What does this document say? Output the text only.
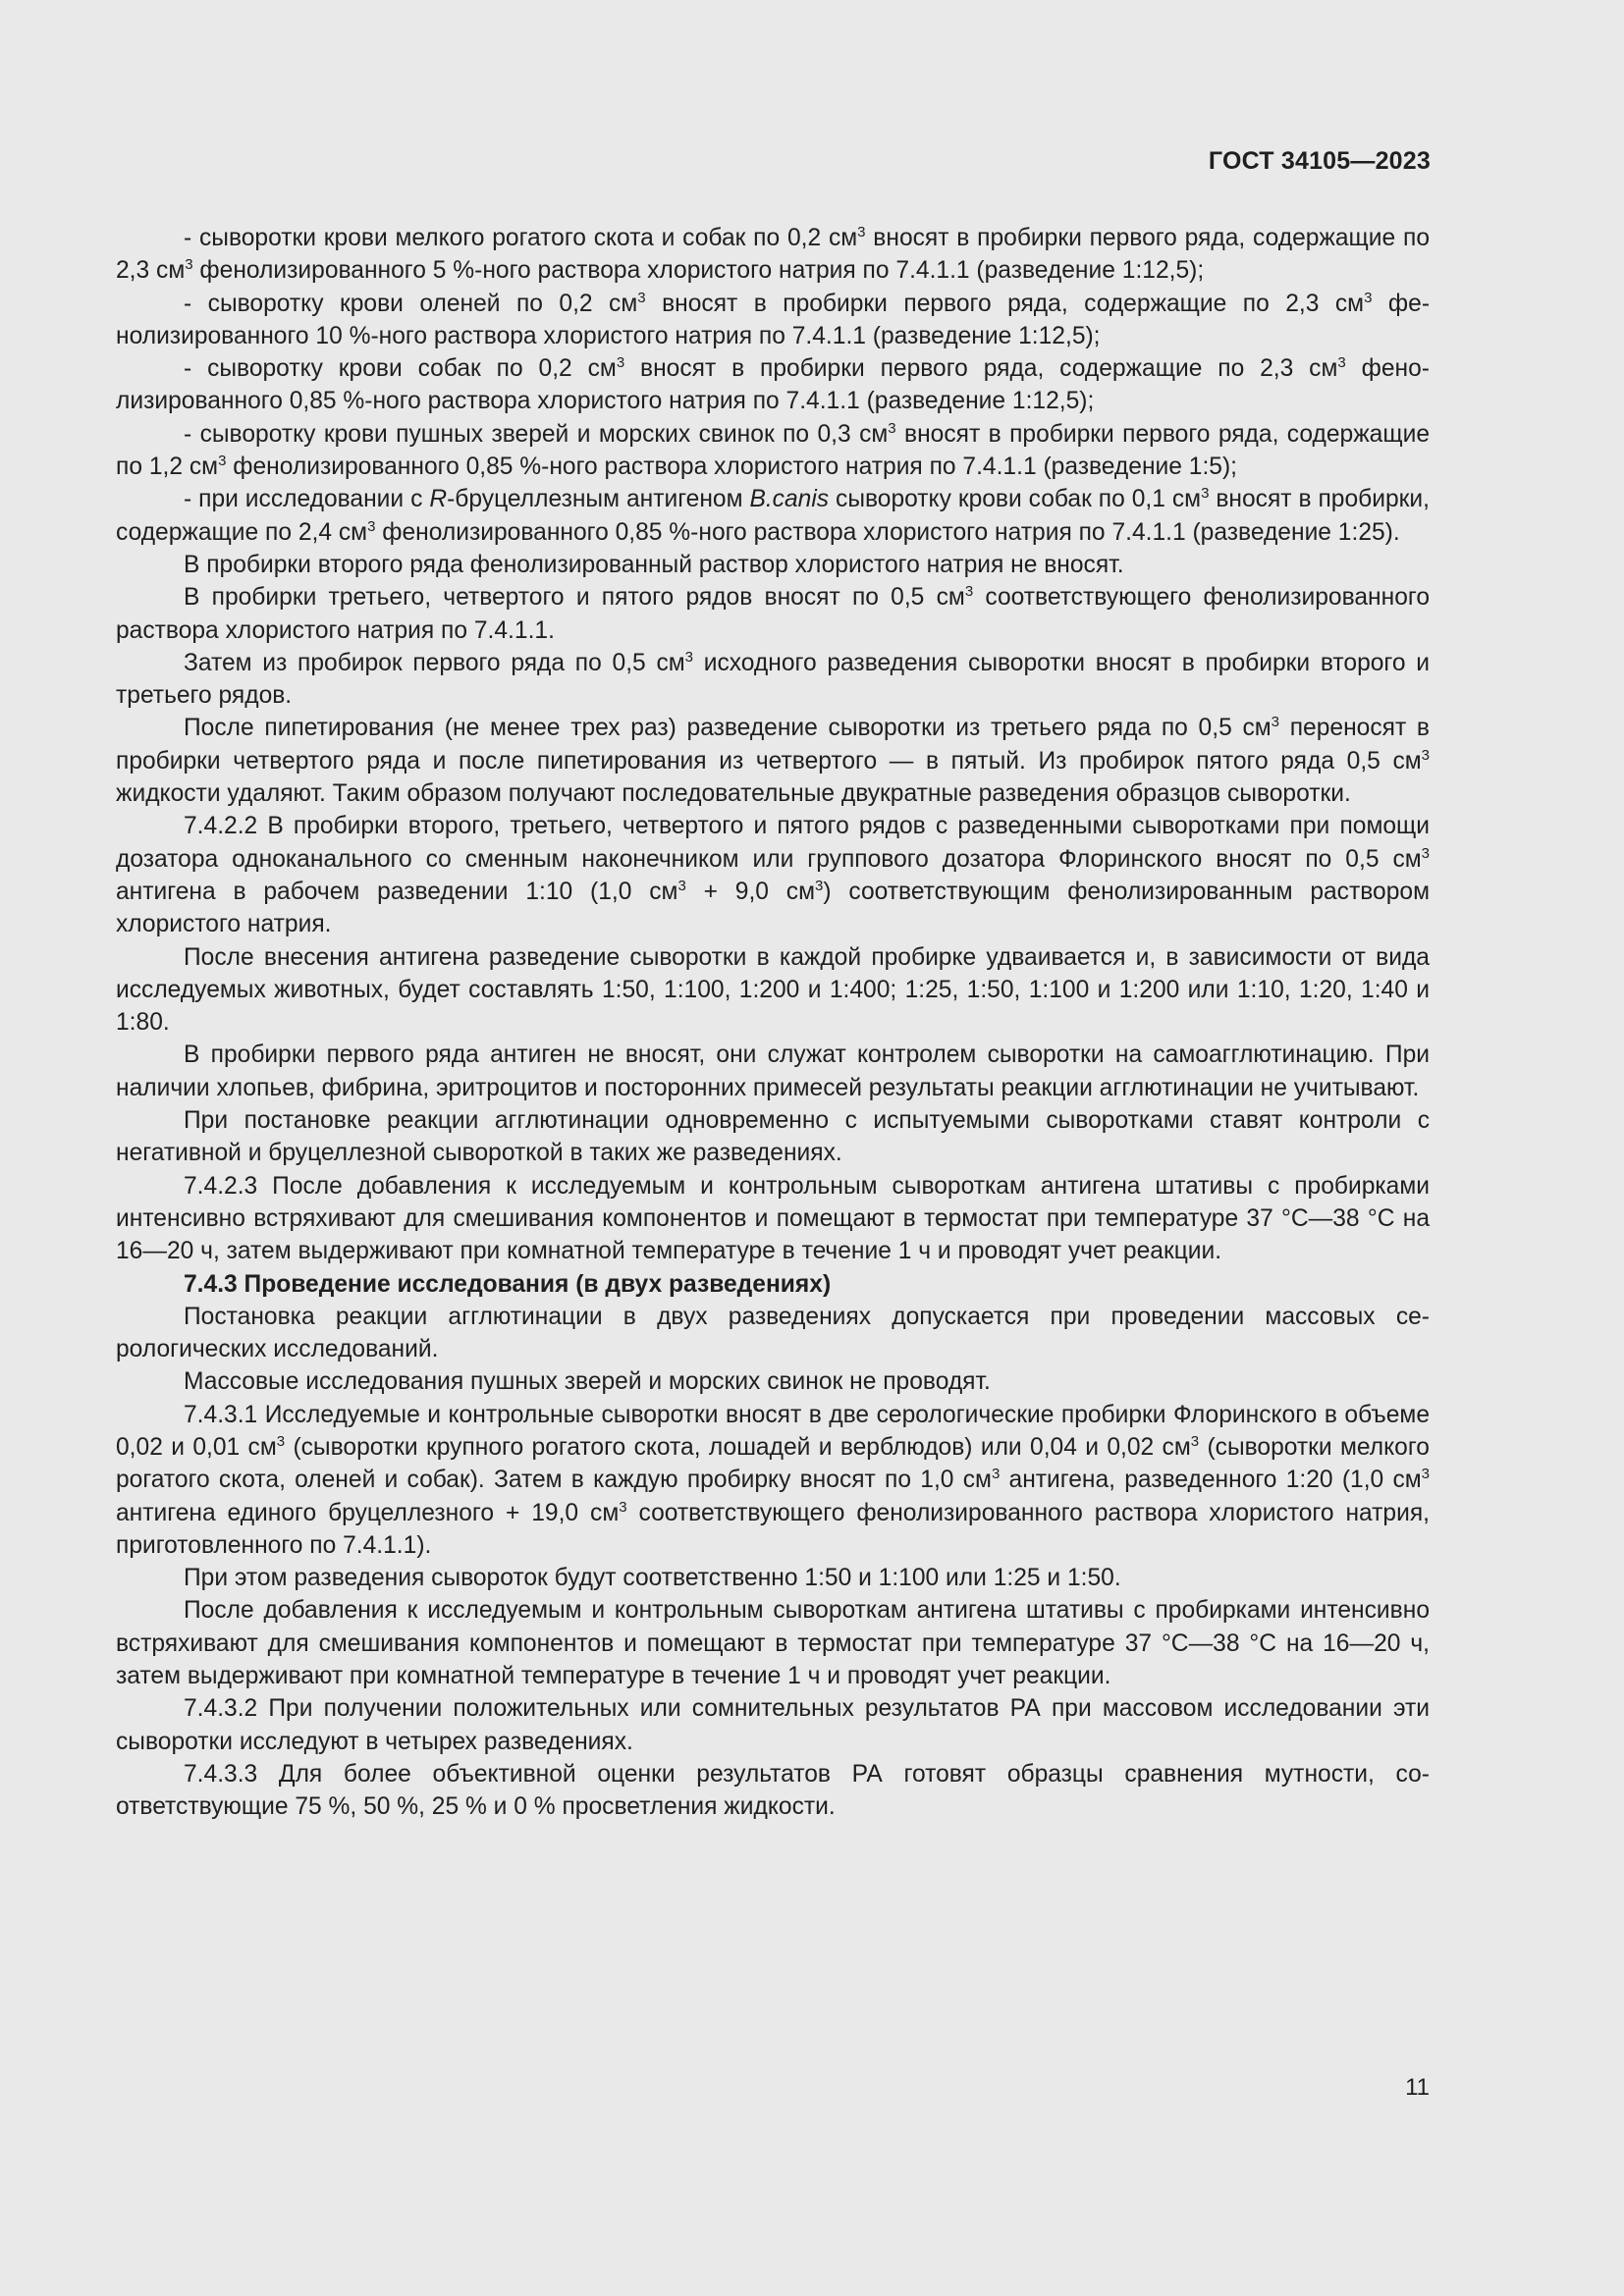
ГОСТ 34105—2023

- сыворотки крови мелкого рогатого скота и собак по 0,2 $см^3$ вносят в пробирки первого ряда, содержащие по 2,3 $см^3$ фенолизированного 5 %-ного раствора хлористого натрия по 7.4.1.1 (разведение 1:12,5);

- сыворотку крови оленей по 0,2 $см^3$ вносят в пробирки первого ряда, содержащие по 2,3 $см^3$ фенолизированного 10 %-ного раствора хлористого натрия по 7.4.1.1 (разведение 1:12,5);

- сыворотку крови собак по 0,2 $см^3$ вносят в пробирки первого ряда, содержащие по 2,3 $см^3$ фенолизированного 0,85 %-ного раствора хлористого натрия по 7.4.1.1 (разведение 1:12,5);

- сыворотку крови пушных зверей и морских свинок по 0,3 $см^3$ вносят в пробирки первого ряда, содержащие по 1,2 $см^3$ фенолизированного 0,85 %-ного раствора хлористого натрия по 7.4.1.1 (разведение 1:5);

- при исследовании с R-бруцеллезным антигеном B.canis сыворотку крови собак по 0,1 $см^3$ вносят в пробирки, содержащие по 2,4 $см^3$ фенолизированного 0,85 %-ного раствора хлористого натрия по 7.4.1.1 (разведение 1:25).

В пробирки второго ряда фенолизированный раствор хлористого натрия не вносят.

В пробирки третьего, четвертого и пятого рядов вносят по 0,5 $см^3$ соответствующего фенолизированного раствора хлористого натрия по 7.4.1.1.

Затем из пробирок первого ряда по 0,5 $см^3$ исходного разведения сыворотки вносят в пробирки второго и третьего рядов.

После пипетирования (не менее трех раз) разведение сыворотки из третьего ряда по 0,5 $см^3$ переносят в пробирки четвертого ряда и после пипетирования из четвертого — в пятый. Из пробирок пятого ряда 0,5 $см^3$ жидкости удаляют. Таким образом получают последовательные двукратные разведения образцов сыворотки.

7.4.2.2 В пробирки второго, третьего, четвертого и пятого рядов с разведенными сыворотками при помощи дозатора одноканального со сменным наконечником или группового дозатора Флоринского вносят по 0,5 $см^3$ антигена в рабочем разведении 1:10 (1,0 $см^3 + 9,0$ $см^3$) соответствующим фенолизированным раствором хлористого натрия.

После внесения антигена разведение сыворотки в каждой пробирке удваивается и, в зависимости от вида исследуемых животных, будет составлять 1:50, 1:100, 1:200 и 1:400; 1:25, 1:50, 1:100 и 1:200 или 1:10, 1:20, 1:40 и 1:80.

В пробирки первого ряда антиген не вносят, они служат контролем сыворотки на самоагглютинацию. При наличии хлопьев, фибрина, эритроцитов и посторонних примесей результаты реакции агглютинации не учитывают.

При постановке реакции агглютинации одновременно с испытуемыми сыворотками ставят контроли с негативной и бруцеллезной сывороткой в таких же разведениях.

7.4.2.3 После добавления к исследуемым и контрольным сывороткам антигена штативы с пробирками интенсивно встряхивают для смешивания компонентов и помещают в термостат при температуре 37 °С—38 °С на 16—20 ч, затем выдерживают при комнатной температуре в течение 1 ч и проводят учет реакции.

7.4.3 Проведение исследования (в двух разведениях)

Постановка реакции агглютинации в двух разведениях допускается при проведении массовых серологических исследований.

Массовые исследования пушных зверей и морских свинок не проводят.

7.4.3.1 Исследуемые и контрольные сыворотки вносят в две серологические пробирки Флоринского в объеме 0,02 и 0,01 $см^3$ (сыворотки крупного рогатого скота, лошадей и верблюдов) или 0,04 и 0,02 $см^3$ (сыворотки мелкого рогатого скота, оленей и собак). Затем в каждую пробирку вносят по 1,0 $см^3$ антигена, разведенного 1:20 (1,0 $см^3$ антигена единого бруцеллезного + 19,0 $см^3$ соответствующего фенолизированного раствора хлористого натрия, приготовленного по 7.4.1.1).

При этом разведения сывороток будут соответственно 1:50 и 1:100 или 1:25 и 1:50.

После добавления к исследуемым и контрольным сывороткам антигена штативы с пробирками интенсивно встряхивают для смешивания компонентов и помещают в термостат при температуре 37 °С—38 °С на 16—20 ч, затем выдерживают при комнатной температуре в течение 1 ч и проводят учет реакции.

7.4.3.2 При получении положительных или сомнительных результатов РА при массовом исследовании эти сыворотки исследуют в четырех разведениях.

7.4.3.3 Для более объективной оценки результатов РА готовят образцы сравнения мутности, соответствующие 75 %, 50 %, 25 % и 0 % просветления жидкости.

11
